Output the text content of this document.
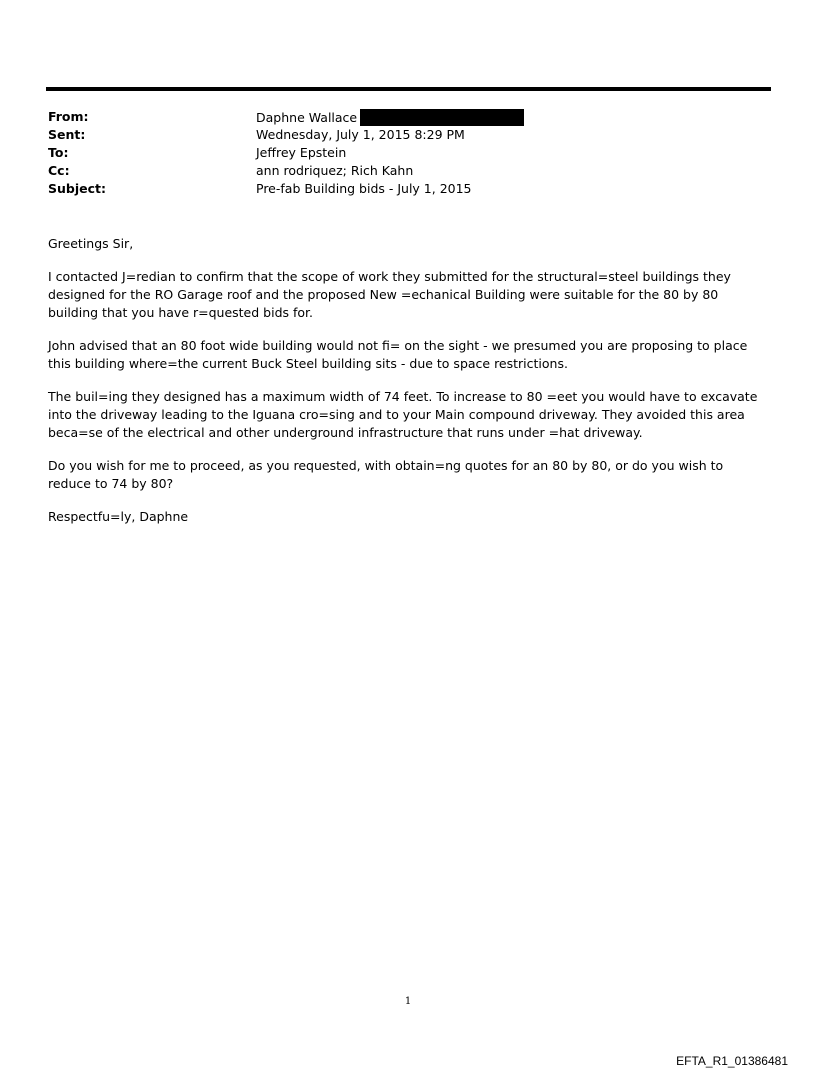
From:	Daphne Wallace
Sent:	Wednesday, July 1, 2015 8:29 PM
To:	Jeffrey Epstein
Cc:	ann rodriquez; Rich Kahn
Subject:	Pre-fab Building bids - July 1, 2015

Greetings Sir,

I contacted J=redian to confirm that the scope of work they submitted for the structural=steel buildings they designed for the RO Garage roof and the proposed New =echanical Building were suitable for the 80 by 80 building that you have r=quested bids for.

John advised that an 80 foot wide building would not fi= on the sight - we presumed you are proposing to place this building where=the current Buck Steel building sits - due to space restrictions.

The buil=ing they designed has a maximum width of 74 feet. To increase to 80 =eet you would have to excavate into the driveway leading to the Iguana cro=sing and to your Main compound driveway. They avoided this area beca=se of the electrical and other underground infrastructure that runs under =hat driveway.

Do you wish for me to proceed, as you requested, with obtain=ng quotes for an 80 by 80, or do you wish to reduce to 74 by 80?

Respectfu=ly, Daphne

1
EFTA_R1_01386481
